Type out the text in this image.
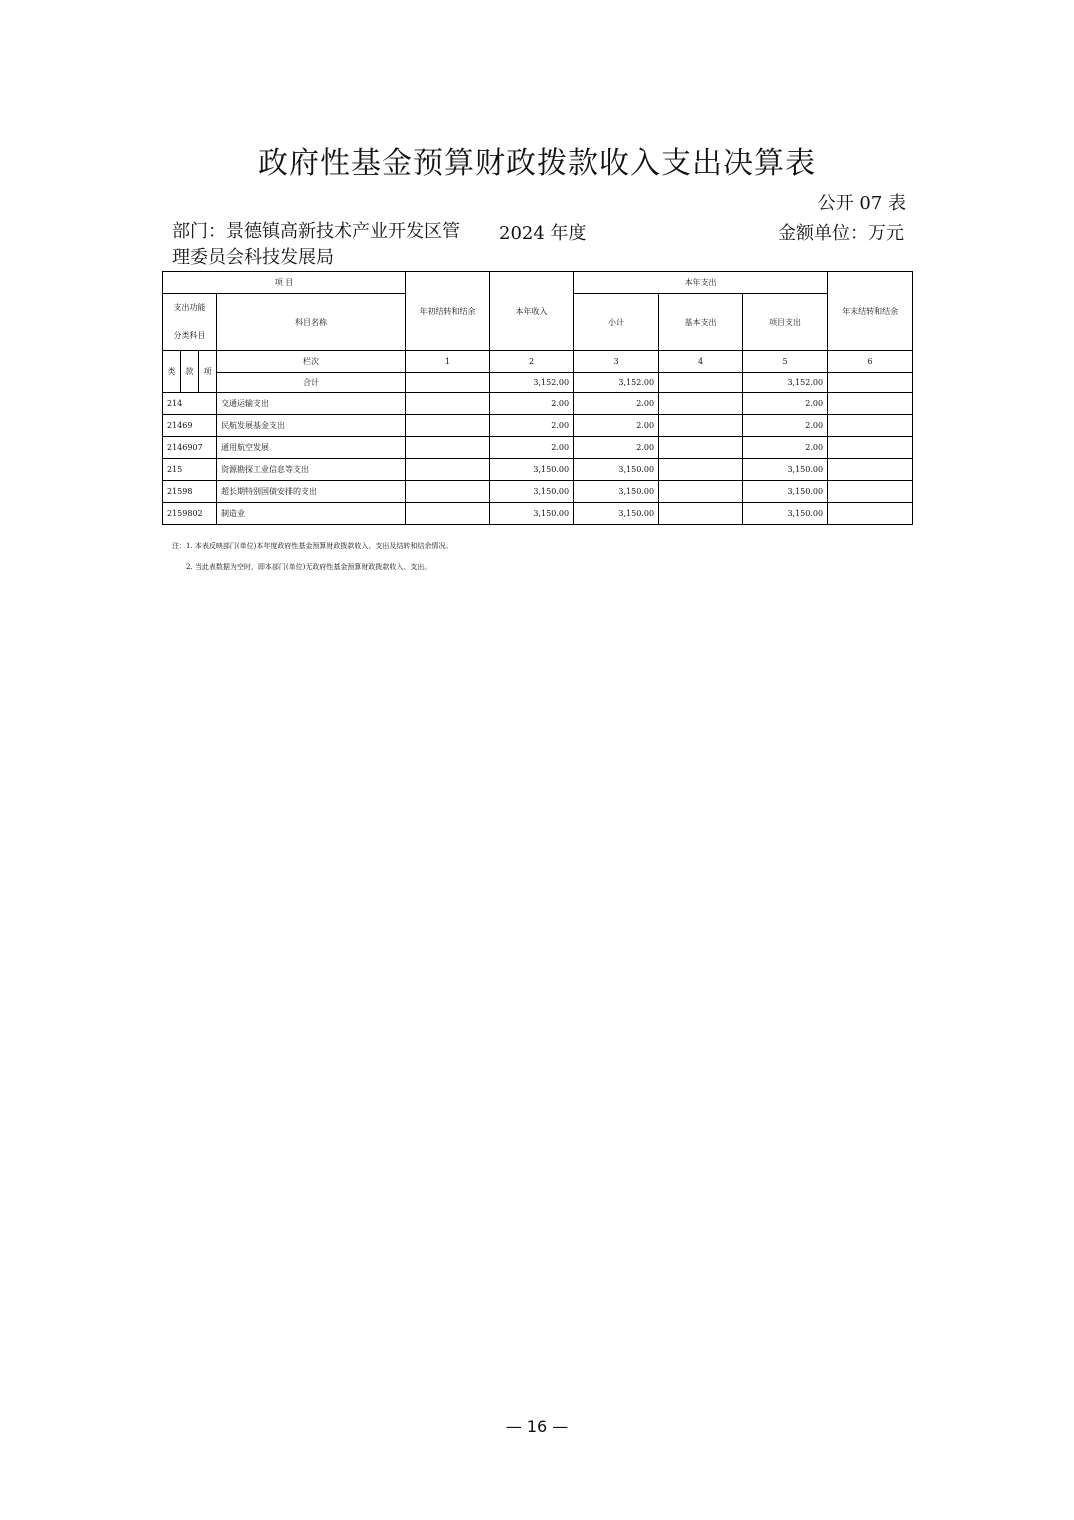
政府性基金预算财政拨款收入支出决算表
公开 07 表
部门：景德镇高新技术产业开发区管理委员会科技发展局
2024 年度	金额单位：万元
项 目				年初结转和结余	本年收入	本年支出			年末结转和结余

支出功能
分类科目			科目名称			小计	基本支出	项目支出	
类	款	项	栏次	1	2	3	4	5	6
			合计		3,152.00	3,152.00		3,152.00	
214			交通运输支出		2.00	2.00		2.00	
21469			民航发展基金支出		2.00	2.00		2.00	
2146907			通用航空发展		2.00	2.00		2.00	
215			资源勘探工业信息等支出		3,150.00	3,150.00		3,150.00	
21598			超长期特别国债安排的支出		3,150.00	3,150.00		3,150.00	
2159802			制造业		3,150.00	3,150.00		3,150.00	
注：1. 本表反映部门(单位)本年度政府性基金预算财政拨款收入、支出及结转和结余情况。
2. 当此表数据为空时，即本部门(单位)无政府性基金预算财政拨款收入、支出。
— 16 —
